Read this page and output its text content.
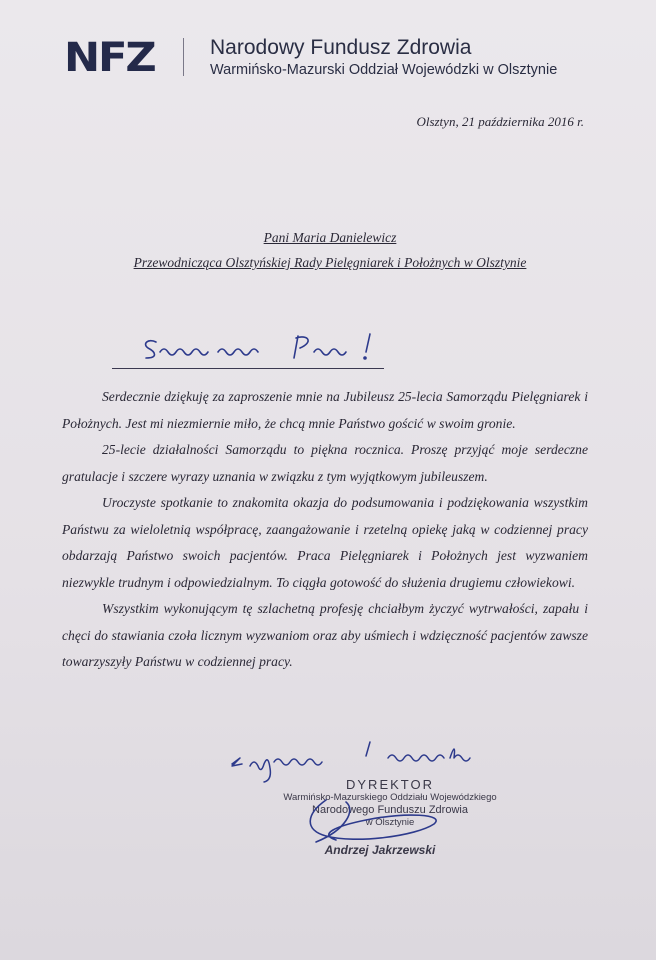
NFZ	Narodowy Fundusz Zdrowia
Warmińsko-Mazurski Oddział Wojewódzki w Olsztynie
Olsztyn, 21 października 2016 r.
Pani Maria Danielewicz
Przewodnicząca Olsztyńskiej Rady Pielęgniarek i Położnych w Olsztynie

Serdecznie dziękuję za zaproszenie mnie na Jubileusz 25-lecia Samorządu Pielęgniarek i Położnych. Jest mi niezmiernie miło, że chcą mnie Państwo gościć w swoim gronie.

25-lecie działalności Samorządu to piękna rocznica. Proszę przyjąć moje serdeczne gratulacje i szczere wyrazy uznania w związku z tym wyjątkowym jubileuszem.

Uroczyste spotkanie to znakomita okazja do podsumowania i podziękowania wszystkim Państwu za wieloletnią współpracę, zaangażowanie i rzetelną opiekę jaką w codziennej pracy obdarzają Państwo swoich pacjentów. Praca Pielęgniarek i Położnych jest wyzwaniem niezwykle trudnym i odpowiedzialnym. To ciągła gotowość do służenia drugiemu człowiekowi.

Wszystkim wykonującym tę szlachetną profesję chciałbym życzyć wytrwałości, zapału i chęci do stawiania czoła licznym wyzwaniom oraz aby uśmiech i wdzięczność pacjentów zawsze towarzyszyły Państwu w codziennej pracy.

DYREKTOR
Warmińsko-Mazurskiego Oddziału Wojewódzkiego
Narodowego Funduszu Zdrowia
w Olsztynie
Andrzej Jakrzewski
